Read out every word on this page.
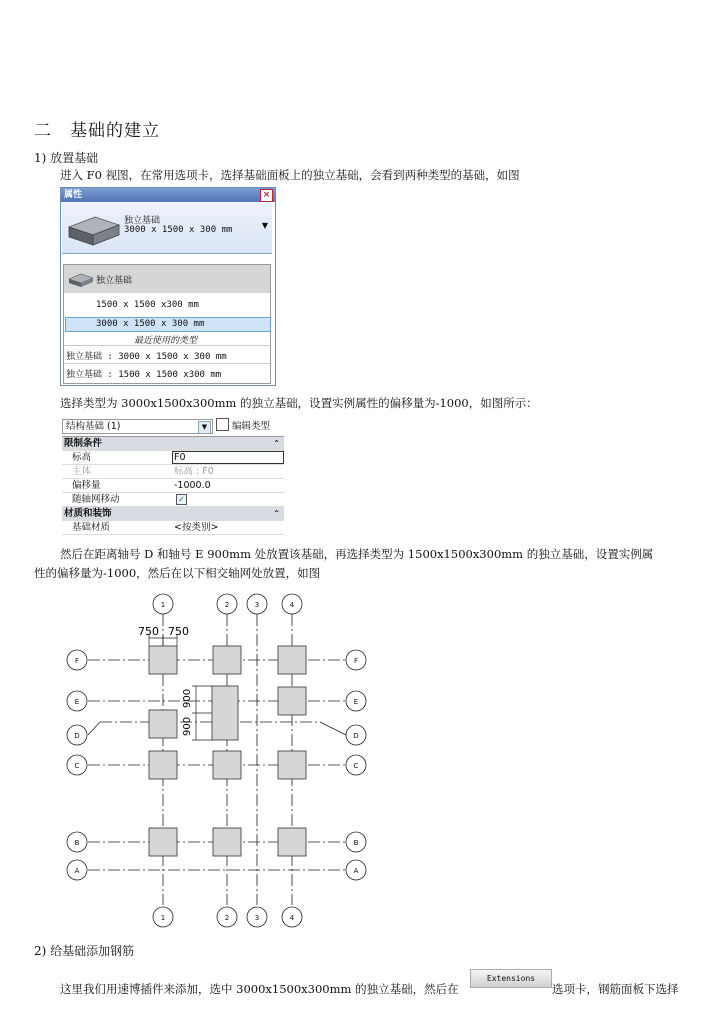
二 基础的建立
1) 放置基础
进入 F0 视图，在常用选项卡，选择基础面板上的独立基础，会看到两种类型的基础，如图
属性	×
独立基础
3000 x 1500 x 300 mm	▼
独立基础
1500 x 1500 x300 mm
3000 x 1500 x 300 mm
最近使用的类型
独立基础 : 3000 x 1500 x 300 mm
独立基础 : 1500 x 1500 x300 mm
选择类型为 3000x1500x300mm 的独立基础，设置实例属性的偏移量为-1000，如图所示：
结构基础 (1)	▼	编辑类型
限制条件	⌃
标高	F0
主体	标高 : F0
偏移量	-1000.0
随轴网移动	✓
材质和装饰	⌃
基础材质	<按类别>
然后在距离轴号 D 和轴号 E 900mm 处放置该基础，再选择类型为 1500x1500x300mm 的独立基础，设置实例属
性的偏移量为-1000，然后在以下相交轴网处放置，如图
750 750
900
900
1	2	3	4
1	2	3	4
F
E
D
C
B
A
F
E
D
C
B
A
2) 给基础添加钢筋
这里我们用速博插件来添加，选中 3000x1500x300mm 的独立基础，然后在
Extensions
选项卡，钢筋面板下选择
